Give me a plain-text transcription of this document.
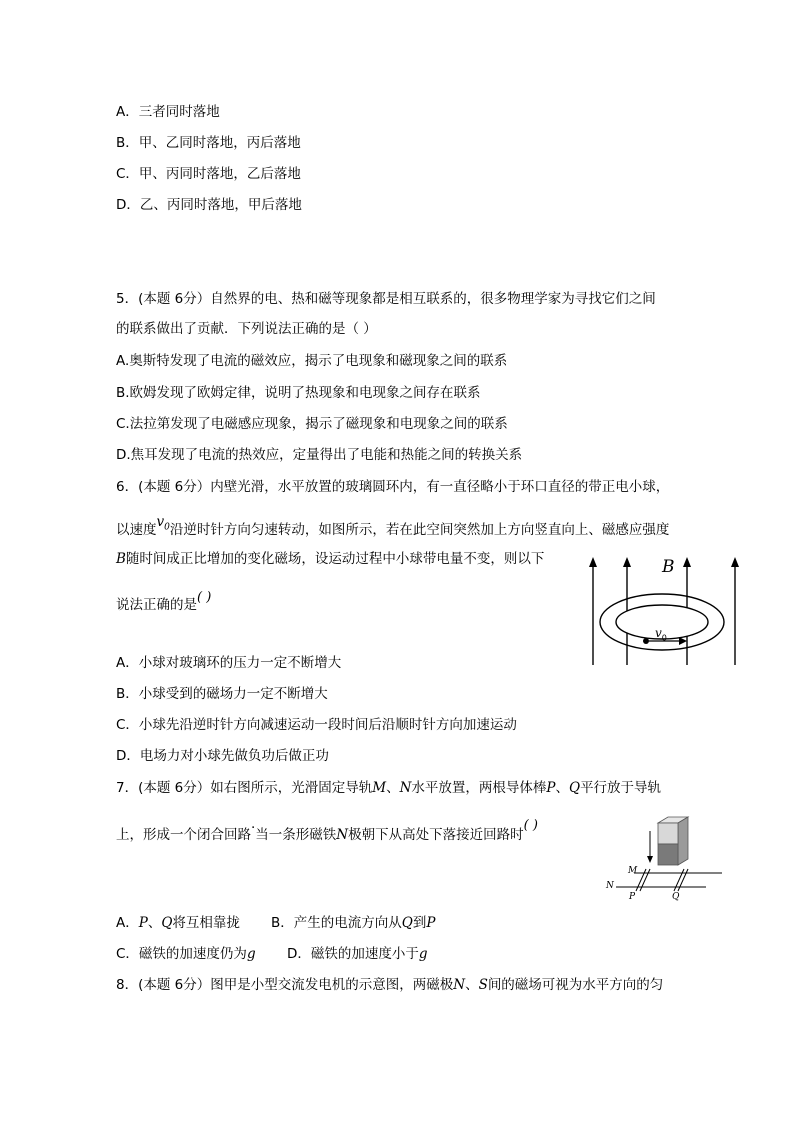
A．三者同时落地
B．甲、乙同时落地，丙后落地
C．甲、丙同时落地，乙后落地
D．乙、丙同时落地，甲后落地
5．(本题 6分）自然界的电、热和磁等现象都是相互联系的，很多物理学家为寻找它们之间
的联系做出了贡献．下列说法正确的是（ ）
A.奥斯特发现了电流的磁效应，揭示了电现象和磁现象之间的联系
B.欧姆发现了欧姆定律，说明了热现象和电现象之间存在联系
C.法拉第发现了电磁感应现象，揭示了磁现象和电现象之间的联系
D.焦耳发现了电流的热效应，定量得出了电能和热能之间的转换关系
6．(本题 6分）内壁光滑，水平放置的玻璃圆环内，有一直径略小于环口直径的带正电小球，
以速度$v_0$沿逆时针方向匀速转动，如图所示，若在此空间突然加上方向竖直向上、磁感应强度
B随时间成正比增加的变化磁场，设运动过程中小球带电量不变，则以下
说法正确的是( )
B
$v_0$
A．小球对玻璃环的压力一定不断增大
B．小球受到的磁场力一定不断增大
C．小球先沿逆时针方向减速运动一段时间后沿顺时针方向加速运动
D．电场力对小球先做负功后做正功
7．(本题 6分）如右图所示，光滑固定导轨M、N水平放置，两根导体棒P、Q平行放于导轨
上，形成一个闭合回路·当一条形磁铁N极朝下从高处下落接近回路时( )
M
N
P	Q
A．P、Q将互相靠拢 B．产生的电流方向从Q到P
C．磁铁的加速度仍为g D．磁铁的加速度小于g
8．(本题 6分）图甲是小型交流发电机的示意图，两磁极N、S间的磁场可视为水平方向的匀
